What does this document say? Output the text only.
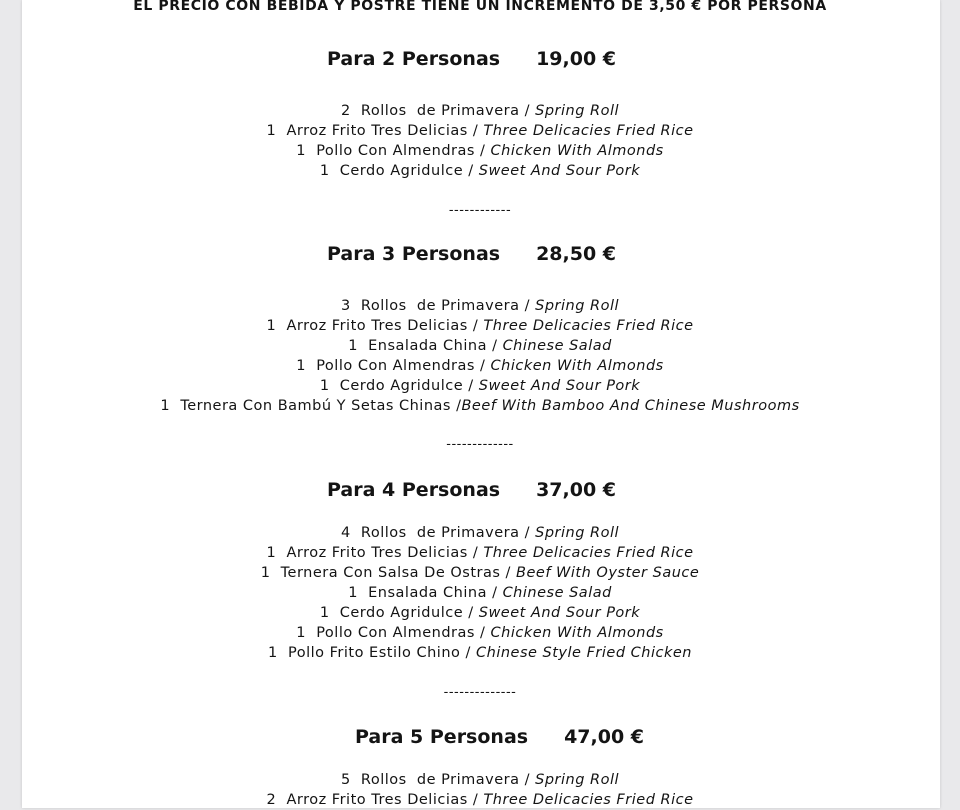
EL PRECIO CON BEBIDA Y POSTRE TIENE UN INCREMENTO DE 3,50 € POR PERSONA
Para 2 Personas 19,00 €
2  Rollos  de Primavera / Spring Roll
1  Arroz Frito Tres Delicias / Three Delicacies Fried Rice
1  Pollo Con Almendras / Chicken With Almonds
1  Cerdo Agridulce / Sweet And Sour Pork
------------
Para 3 Personas 28,50 €
3  Rollos  de Primavera / Spring Roll
1  Arroz Frito Tres Delicias / Three Delicacies Fried Rice
1  Ensalada China / Chinese Salad
1  Pollo Con Almendras / Chicken With Almonds
1  Cerdo Agridulce / Sweet And Sour Pork
1  Ternera Con Bambú Y Setas Chinas /Beef With Bamboo And Chinese Mushrooms
-------------
Para 4 Personas 37,00 €
4  Rollos  de Primavera / Spring Roll
1  Arroz Frito Tres Delicias / Three Delicacies Fried Rice
1  Ternera Con Salsa De Ostras / Beef With Oyster Sauce
1  Ensalada China / Chinese Salad
1  Cerdo Agridulce / Sweet And Sour Pork
1  Pollo Con Almendras / Chicken With Almonds
1  Pollo Frito Estilo Chino / Chinese Style Fried Chicken
--------------
Para 5 Personas 47,00 €
5  Rollos  de Primavera / Spring Roll
2  Arroz Frito Tres Delicias / Three Delicacies Fried Rice
